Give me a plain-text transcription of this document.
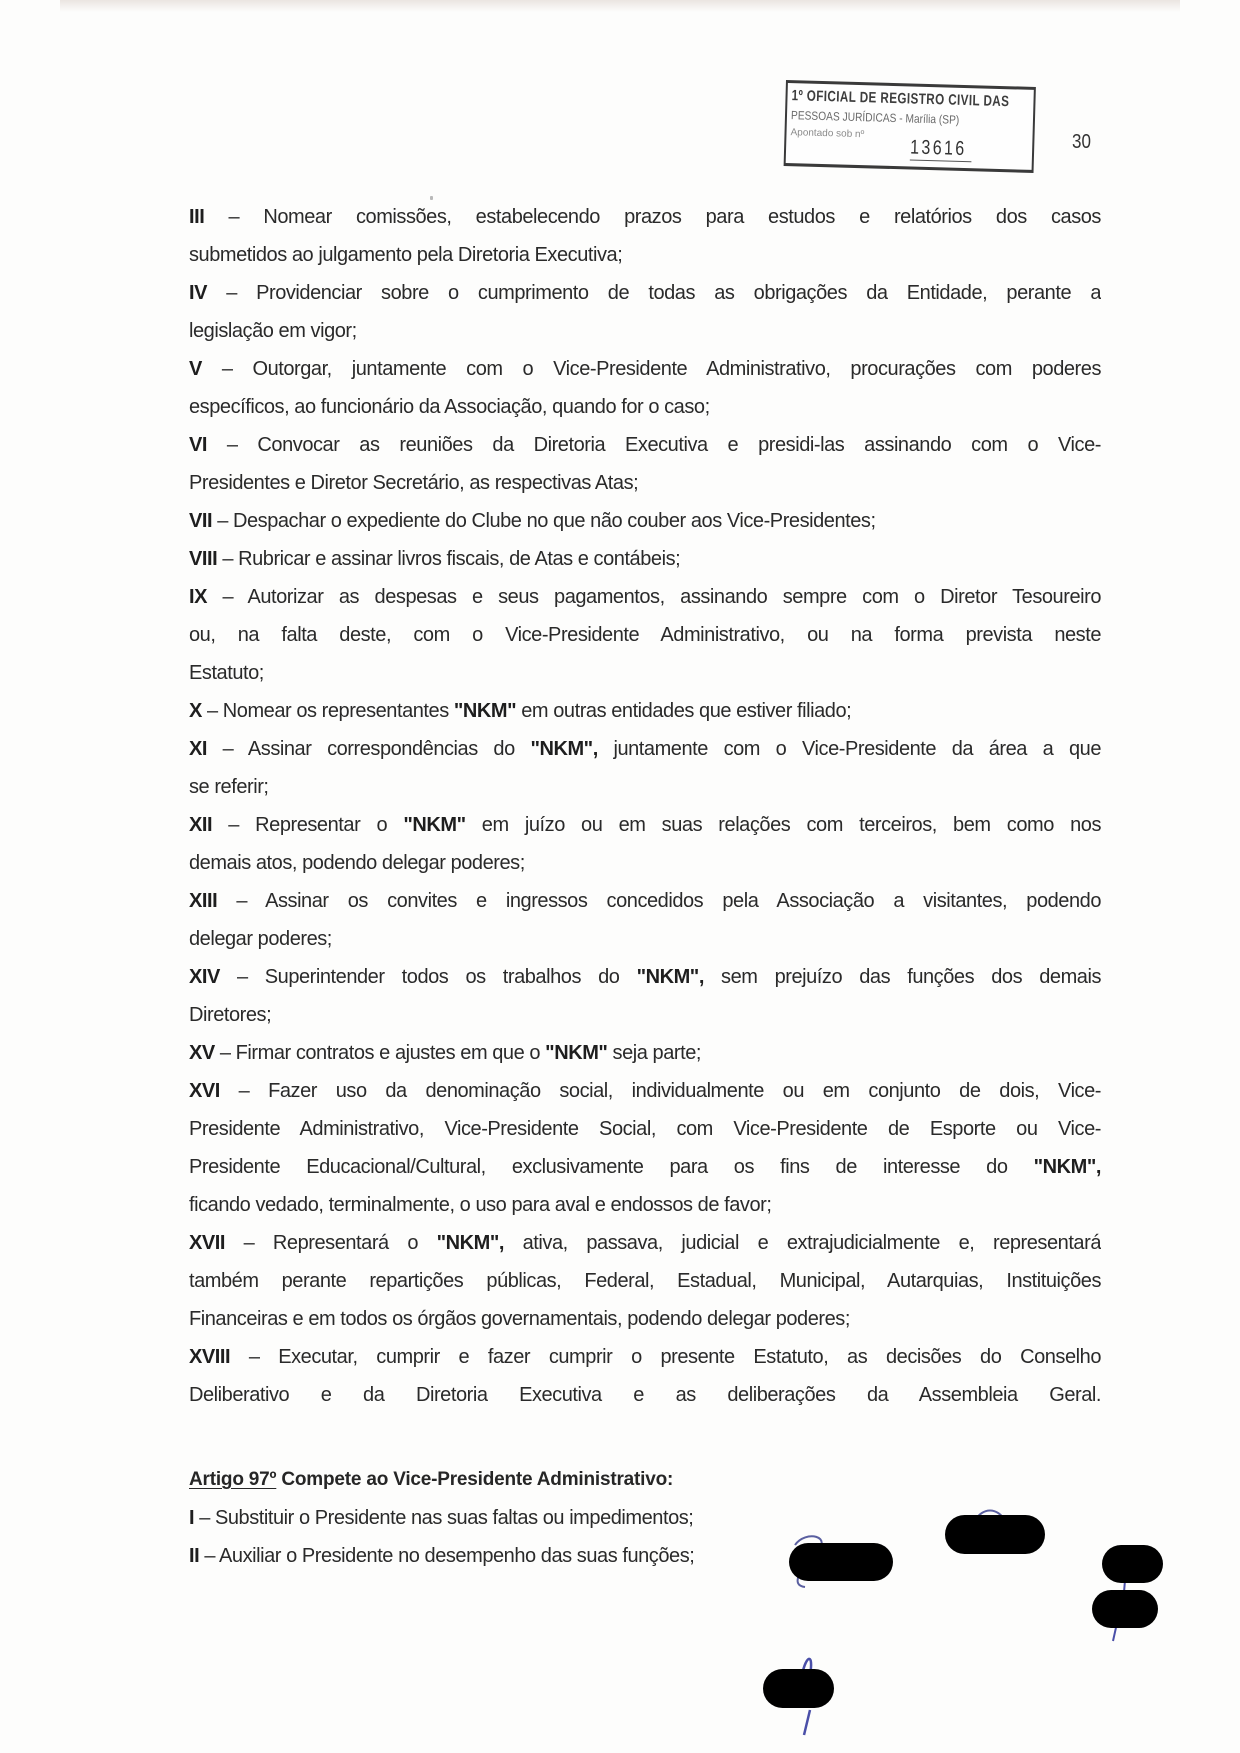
1º OFICIAL DE REGISTRO CIVIL DAS
PESSOAS JURÍDICAS - Marília (SP)
Apontado sob nº
13616	30
III – Nomear comissões, estabelecendo prazos para estudos e relatórios dos casos
submetidos ao julgamento pela Diretoria Executiva;
IV – Providenciar sobre o cumprimento de todas as obrigações da Entidade, perante a
legislação em vigor;
V – Outorgar, juntamente com o Vice-Presidente Administrativo, procurações com poderes
específicos, ao funcionário da Associação, quando for o caso;
VI – Convocar as reuniões da Diretoria Executiva e presidi-las assinando com o Vice-
Presidentes e Diretor Secretário, as respectivas Atas;
VII – Despachar o expediente do Clube no que não couber aos Vice-Presidentes;
VIII – Rubricar e assinar livros fiscais, de Atas e contábeis;
IX – Autorizar as despesas e seus pagamentos, assinando sempre com o Diretor Tesoureiro
ou, na falta deste, com o Vice-Presidente Administrativo, ou na forma prevista neste
Estatuto;
X – Nomear os representantes "NKM" em outras entidades que estiver filiado;
XI – Assinar correspondências do "NKM", juntamente com o Vice-Presidente da área a que
se referir;
XII – Representar o "NKM" em juízo ou em suas relações com terceiros, bem como nos
demais atos, podendo delegar poderes;
XIII – Assinar os convites e ingressos concedidos pela Associação a visitantes, podendo
delegar poderes;
XIV – Superintender todos os trabalhos do "NKM", sem prejuízo das funções dos demais
Diretores;
XV – Firmar contratos e ajustes em que o "NKM" seja parte;
XVI – Fazer uso da denominação social, individualmente ou em conjunto de dois, Vice-
Presidente Administrativo, Vice-Presidente Social, com Vice-Presidente de Esporte ou Vice-
Presidente Educacional/Cultural, exclusivamente para os fins de interesse do "NKM",
ficando vedado, terminalmente, o uso para aval e endossos de favor;
XVII – Representará o "NKM", ativa, passava, judicial e extrajudicialmente e, representará
também perante repartições públicas, Federal, Estadual, Municipal, Autarquias, Instituições
Financeiras e em todos os órgãos governamentais, podendo delegar poderes;
XVIII – Executar, cumprir e fazer cumprir o presente Estatuto, as decisões do Conselho
Deliberativo e da Diretoria Executiva e as deliberações da Assembleia Geral.
Artigo 97º Compete ao Vice-Presidente Administrativo:
I – Substituir o Presidente nas suas faltas ou impedimentos;
II – Auxiliar o Presidente no desempenho das suas funções;
